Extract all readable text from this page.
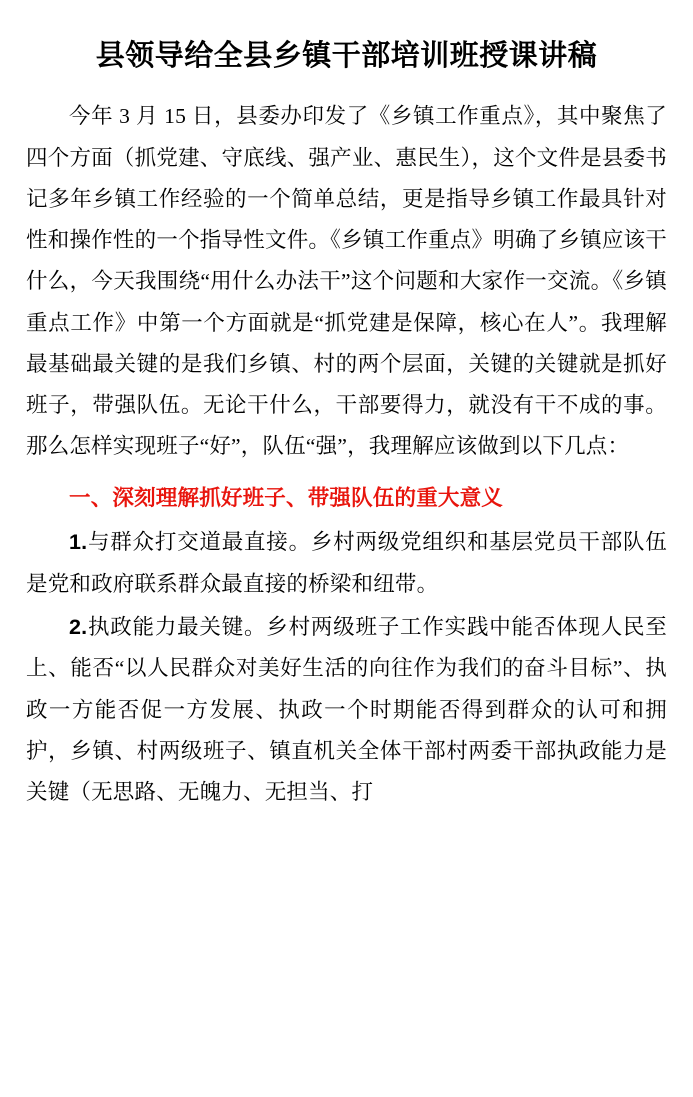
县领导给全县乡镇干部培训班授课讲稿

今年 3 月 15 日，县委办印发了《乡镇工作重点》，其中聚焦了四个方面（抓党建、守底线、强产业、惠民生），这个文件是县委书记多年乡镇工作经验的一个简单总结，更是指导乡镇工作最具针对性和操作性的一个指导性文件。《乡镇工作重点》明确了乡镇应该干什么，今天我围绕“用什么办法干”这个问题和大家作一交流。《乡镇重点工作》中第一个方面就是“抓党建是保障，核心在人”。我理解最基础最关键的是我们乡镇、村的两个层面，关键的关键就是抓好班子，带强队伍。无论干什么，干部要得力，就没有干不成的事。那么怎样实现班子“好”，队伍“强”，我理解应该做到以下几点：

一、深刻理解抓好班子、带强队伍的重大意义

1.与群众打交道最直接。乡村两级党组织和基层党员干部队伍是党和政府联系群众最直接的桥梁和纽带。

2.执政能力最关键。乡村两级班子工作实践中能否体现人民至上、能否“以人民群众对美好生活的向往作为我们的奋斗目标”、执政一方能否促一方发展、执政一个时期能否得到群众的认可和拥护，乡镇、村两级班子、镇直机关全体干部村两委干部执政能力是关键（无思路、无魄力、无担当、打
